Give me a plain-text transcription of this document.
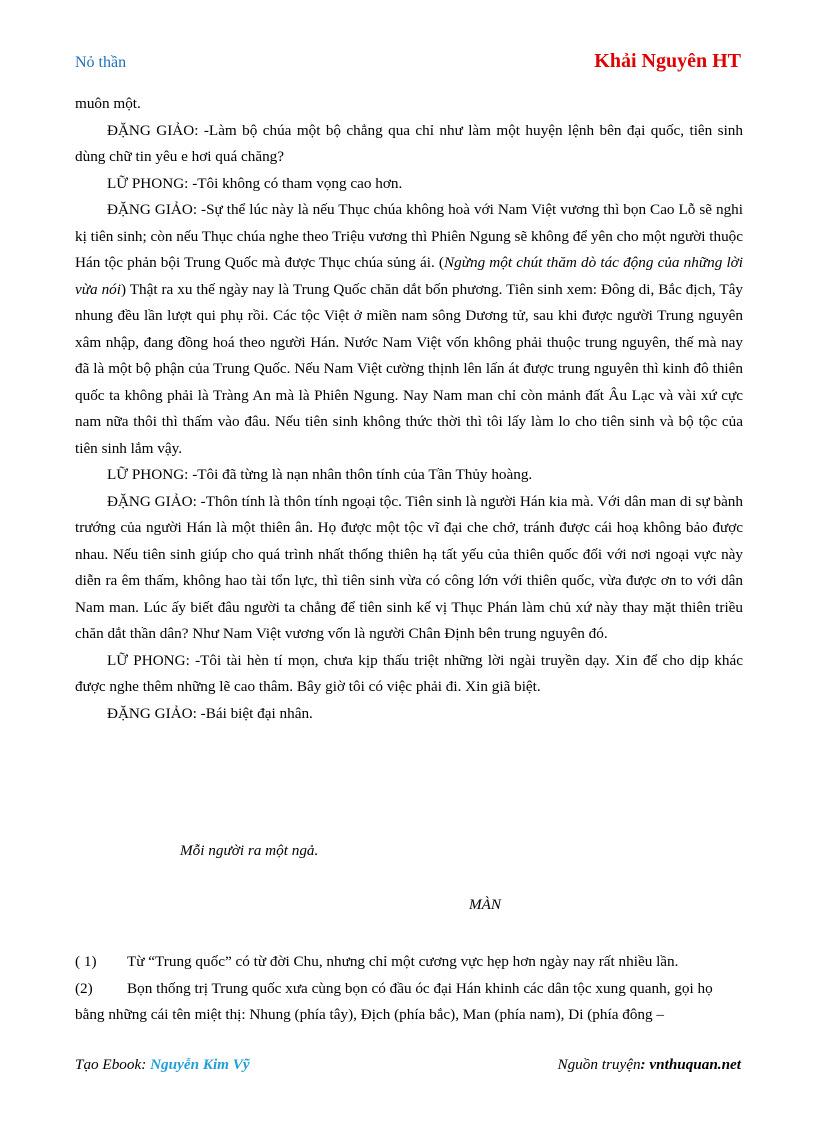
Nỏ thần	Khải Nguyên HT

muôn một.

ĐẶNG GIẢO: -Làm bộ chúa một bộ chẳng qua chỉ như làm một huyện lệnh bên đại quốc, tiên sinh dùng chữ tin yêu e hơi quá chăng?

LỮ PHONG: -Tôi không có tham vọng cao hơn.

ĐẶNG GIẢO: -Sự thể lúc này là nếu Thục chúa không hoà với Nam Việt vương thì bọn Cao Lỗ sẽ nghi kị tiên sinh; còn nếu Thục chúa nghe theo Triệu vương thì Phiên Ngung sẽ không để yên cho một người thuộc Hán tộc phản bội Trung Quốc mà được Thục chúa sủng ái. (Ngừng một chút thăm dò tác động của những lời vừa nói) Thật ra xu thế ngày nay là Trung Quốc chăn dắt bốn phương. Tiên sinh xem: Đông di, Bắc địch, Tây nhung đều lần lượt qui phụ rồi. Các tộc Việt ở miền nam sông Dương tử, sau khi được người Trung nguyên xâm nhập, đang đồng hoá theo người Hán. Nước Nam Việt vốn không phải thuộc trung nguyên, thế mà nay đã là một bộ phận của Trung Quốc. Nếu Nam Việt cường thịnh lên lấn át được trung nguyên thì kinh đô thiên quốc ta không phải là Tràng An mà là Phiên Ngung. Nay Nam man chỉ còn mảnh đất Âu Lạc và vài xứ cực nam nữa thôi thì thấm vào đâu. Nếu tiên sinh không thức thời thì tôi lấy làm lo cho tiên sinh và bộ tộc của tiên sinh lắm vậy.

LỮ PHONG: -Tôi đã từng là nạn nhân thôn tính của Tần Thủy hoàng.

ĐẶNG GIẢO: -Thôn tính là thôn tính ngoại tộc. Tiên sinh là người Hán kia mà. Với dân man di sự bành trướng của người Hán là một thiên ân. Họ được một tộc vĩ đại che chở, tránh được cái hoạ không bảo được nhau. Nếu tiên sinh giúp cho quá trình nhất thống thiên hạ tất yếu của thiên quốc đối với nơi ngoại vực này diễn ra êm thấm, không hao tài tổn lực, thì tiên sinh vừa có công lớn với thiên quốc, vừa được ơn to với dân Nam man. Lúc ấy biết đâu người ta chẳng để tiên sinh kế vị Thục Phán làm chủ xứ này thay mặt thiên triều chăn dắt thần dân? Như Nam Việt vương vốn là người Chân Định bên trung nguyên đó.

LỮ PHONG: -Tôi tài hèn tí mọn, chưa kịp thấu triệt những lời ngài truyền dạy. Xin để cho dịp khác được nghe thêm những lẽ cao thâm. Bây giờ tôi có việc phải đi. Xin giã biệt.

ĐẶNG GIẢO: -Bái biệt đại nhân.

Mỗi người ra một ngả.
MÀN

( 1) Từ “Trung quốc” có từ đời Chu, nhưng chỉ một cương vực hẹp hơn ngày nay rất nhiều lần.

(2) Bọn thống trị Trung quốc xưa cùng bọn có đầu óc đại Hán khinh các dân tộc xung quanh, gọi họ bằng những cái tên miệt thị: Nhung (phía tây), Địch (phía bắc), Man (phía nam), Di (phía đông –

Tạo Ebook: Nguyễn Kim Vỹ	Nguồn truyện: vnthuquan.net
